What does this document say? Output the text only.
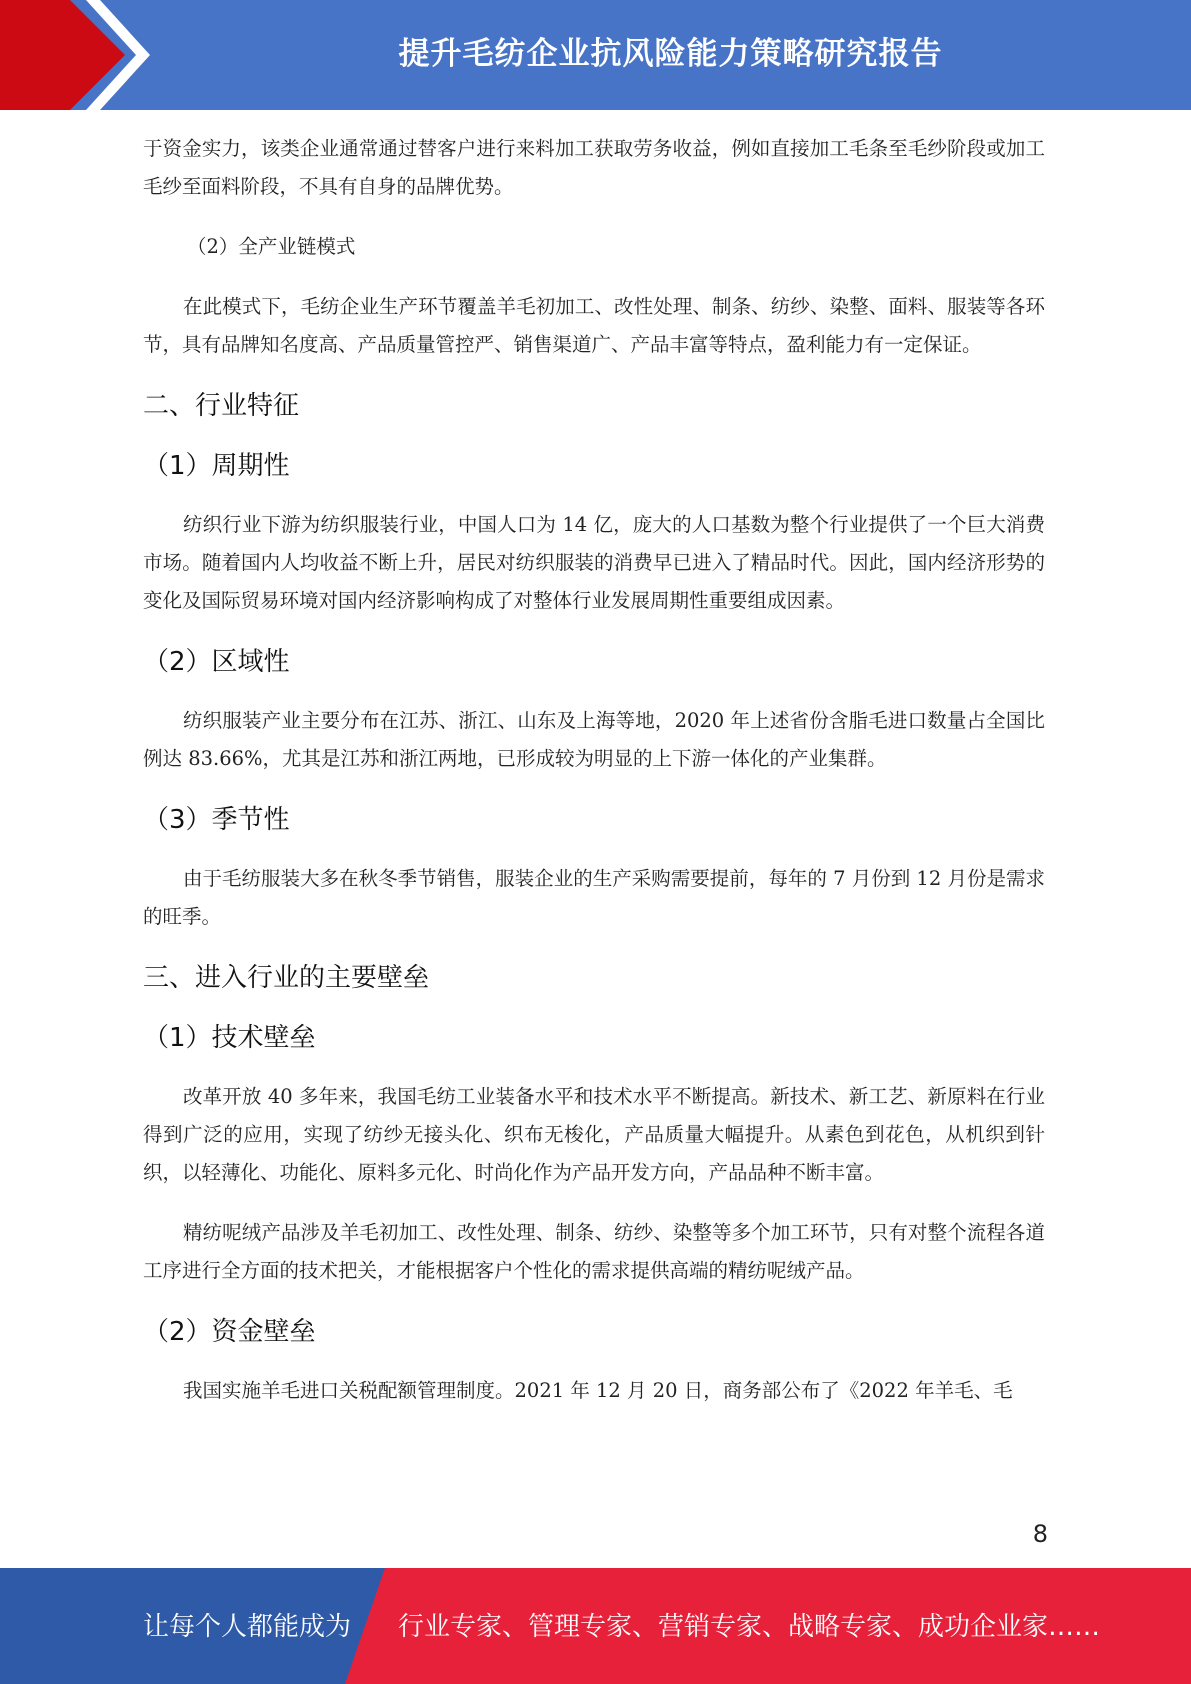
提升毛纺企业抗风险能力策略研究报告

于资金实力，该类企业通常通过替客户进行来料加工获取劳务收益，例如直接加工毛条至毛纱阶段或加工毛纱至面料阶段，不具有自身的品牌优势。

（2）全产业链模式

在此模式下，毛纺企业生产环节覆盖羊毛初加工、改性处理、制条、纺纱、染整、面料、服装等各环节，具有品牌知名度高、产品质量管控严、销售渠道广、产品丰富等特点，盈利能力有一定保证。

二、行业特征
（1）周期性

纺织行业下游为纺织服装行业，中国人口为 14 亿，庞大的人口基数为整个行业提供了一个巨大消费市场。随着国内人均收益不断上升，居民对纺织服装的消费早已进入了精品时代。因此，国内经济形势的变化及国际贸易环境对国内经济影响构成了对整体行业发展周期性重要组成因素。

（2）区域性

纺织服装产业主要分布在江苏、浙江、山东及上海等地，2020 年上述省份含脂毛进口数量占全国比例达 83.66%，尤其是江苏和浙江两地，已形成较为明显的上下游一体化的产业集群。

（3）季节性

由于毛纺服装大多在秋冬季节销售，服装企业的生产采购需要提前，每年的 7 月份到 12 月份是需求的旺季。

三、进入行业的主要壁垒
（1）技术壁垒

改革开放 40 多年来，我国毛纺工业装备水平和技术水平不断提高。新技术、新工艺、新原料在行业得到广泛的应用，实现了纺纱无接头化、织布无梭化，产品质量大幅提升。从素色到花色，从机织到针织，以轻薄化、功能化、原料多元化、时尚化作为产品开发方向，产品品种不断丰富。

精纺呢绒产品涉及羊毛初加工、改性处理、制条、纺纱、染整等多个加工环节，只有对整个流程各道工序进行全方面的技术把关，才能根据客户个性化的需求提供高端的精纺呢绒产品。

（2）资金壁垒

我国实施羊毛进口关税配额管理制度。2021 年 12 月 20 日，商务部公布了《2022 年羊毛、毛

8
让每个人都能成为 行业专家、管理专家、营销专家、战略专家、成功企业家……
